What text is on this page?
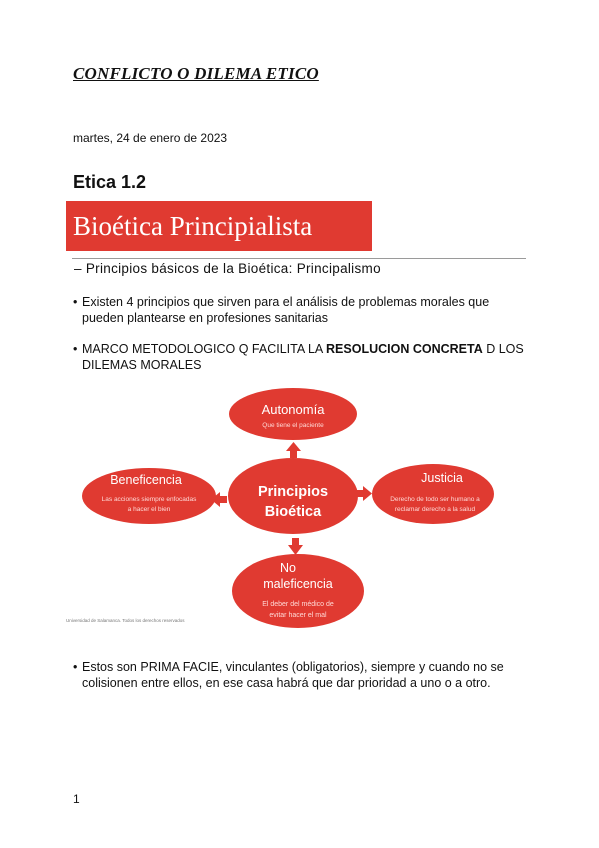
CONFLICTO O DILEMA ETICO
martes, 24 de enero de 2023
Etica 1.2
Bioética Principialista
– Principios básicos de la Bioética: Principalismo
• Existen 4 principios que sirven para el análisis de problemas morales que pueden plantearse en profesiones sanitarias
• MARCO METODOLOGICO Q FACILITA LA RESOLUCION CONCRETA D LOS DILEMAS MORALES
Autonomía
Que tiene el paciente
Beneficencia
Las acciones siempre enfocadas
a hacer el bien
Principios
Bioética
Justicia
Derecho de todo ser humano a
reclamar derecho a la salud
No
maleficencia
El deber del médico de
evitar hacer el mal
Universidad de Salamanca. Todos los derechos reservados
• Estos son PRIMA FACIE, vinculantes (obligatorios), siempre y cuando no se colisionen entre ellos, en ese casa habrá que dar prioridad a uno o a otro.
1
